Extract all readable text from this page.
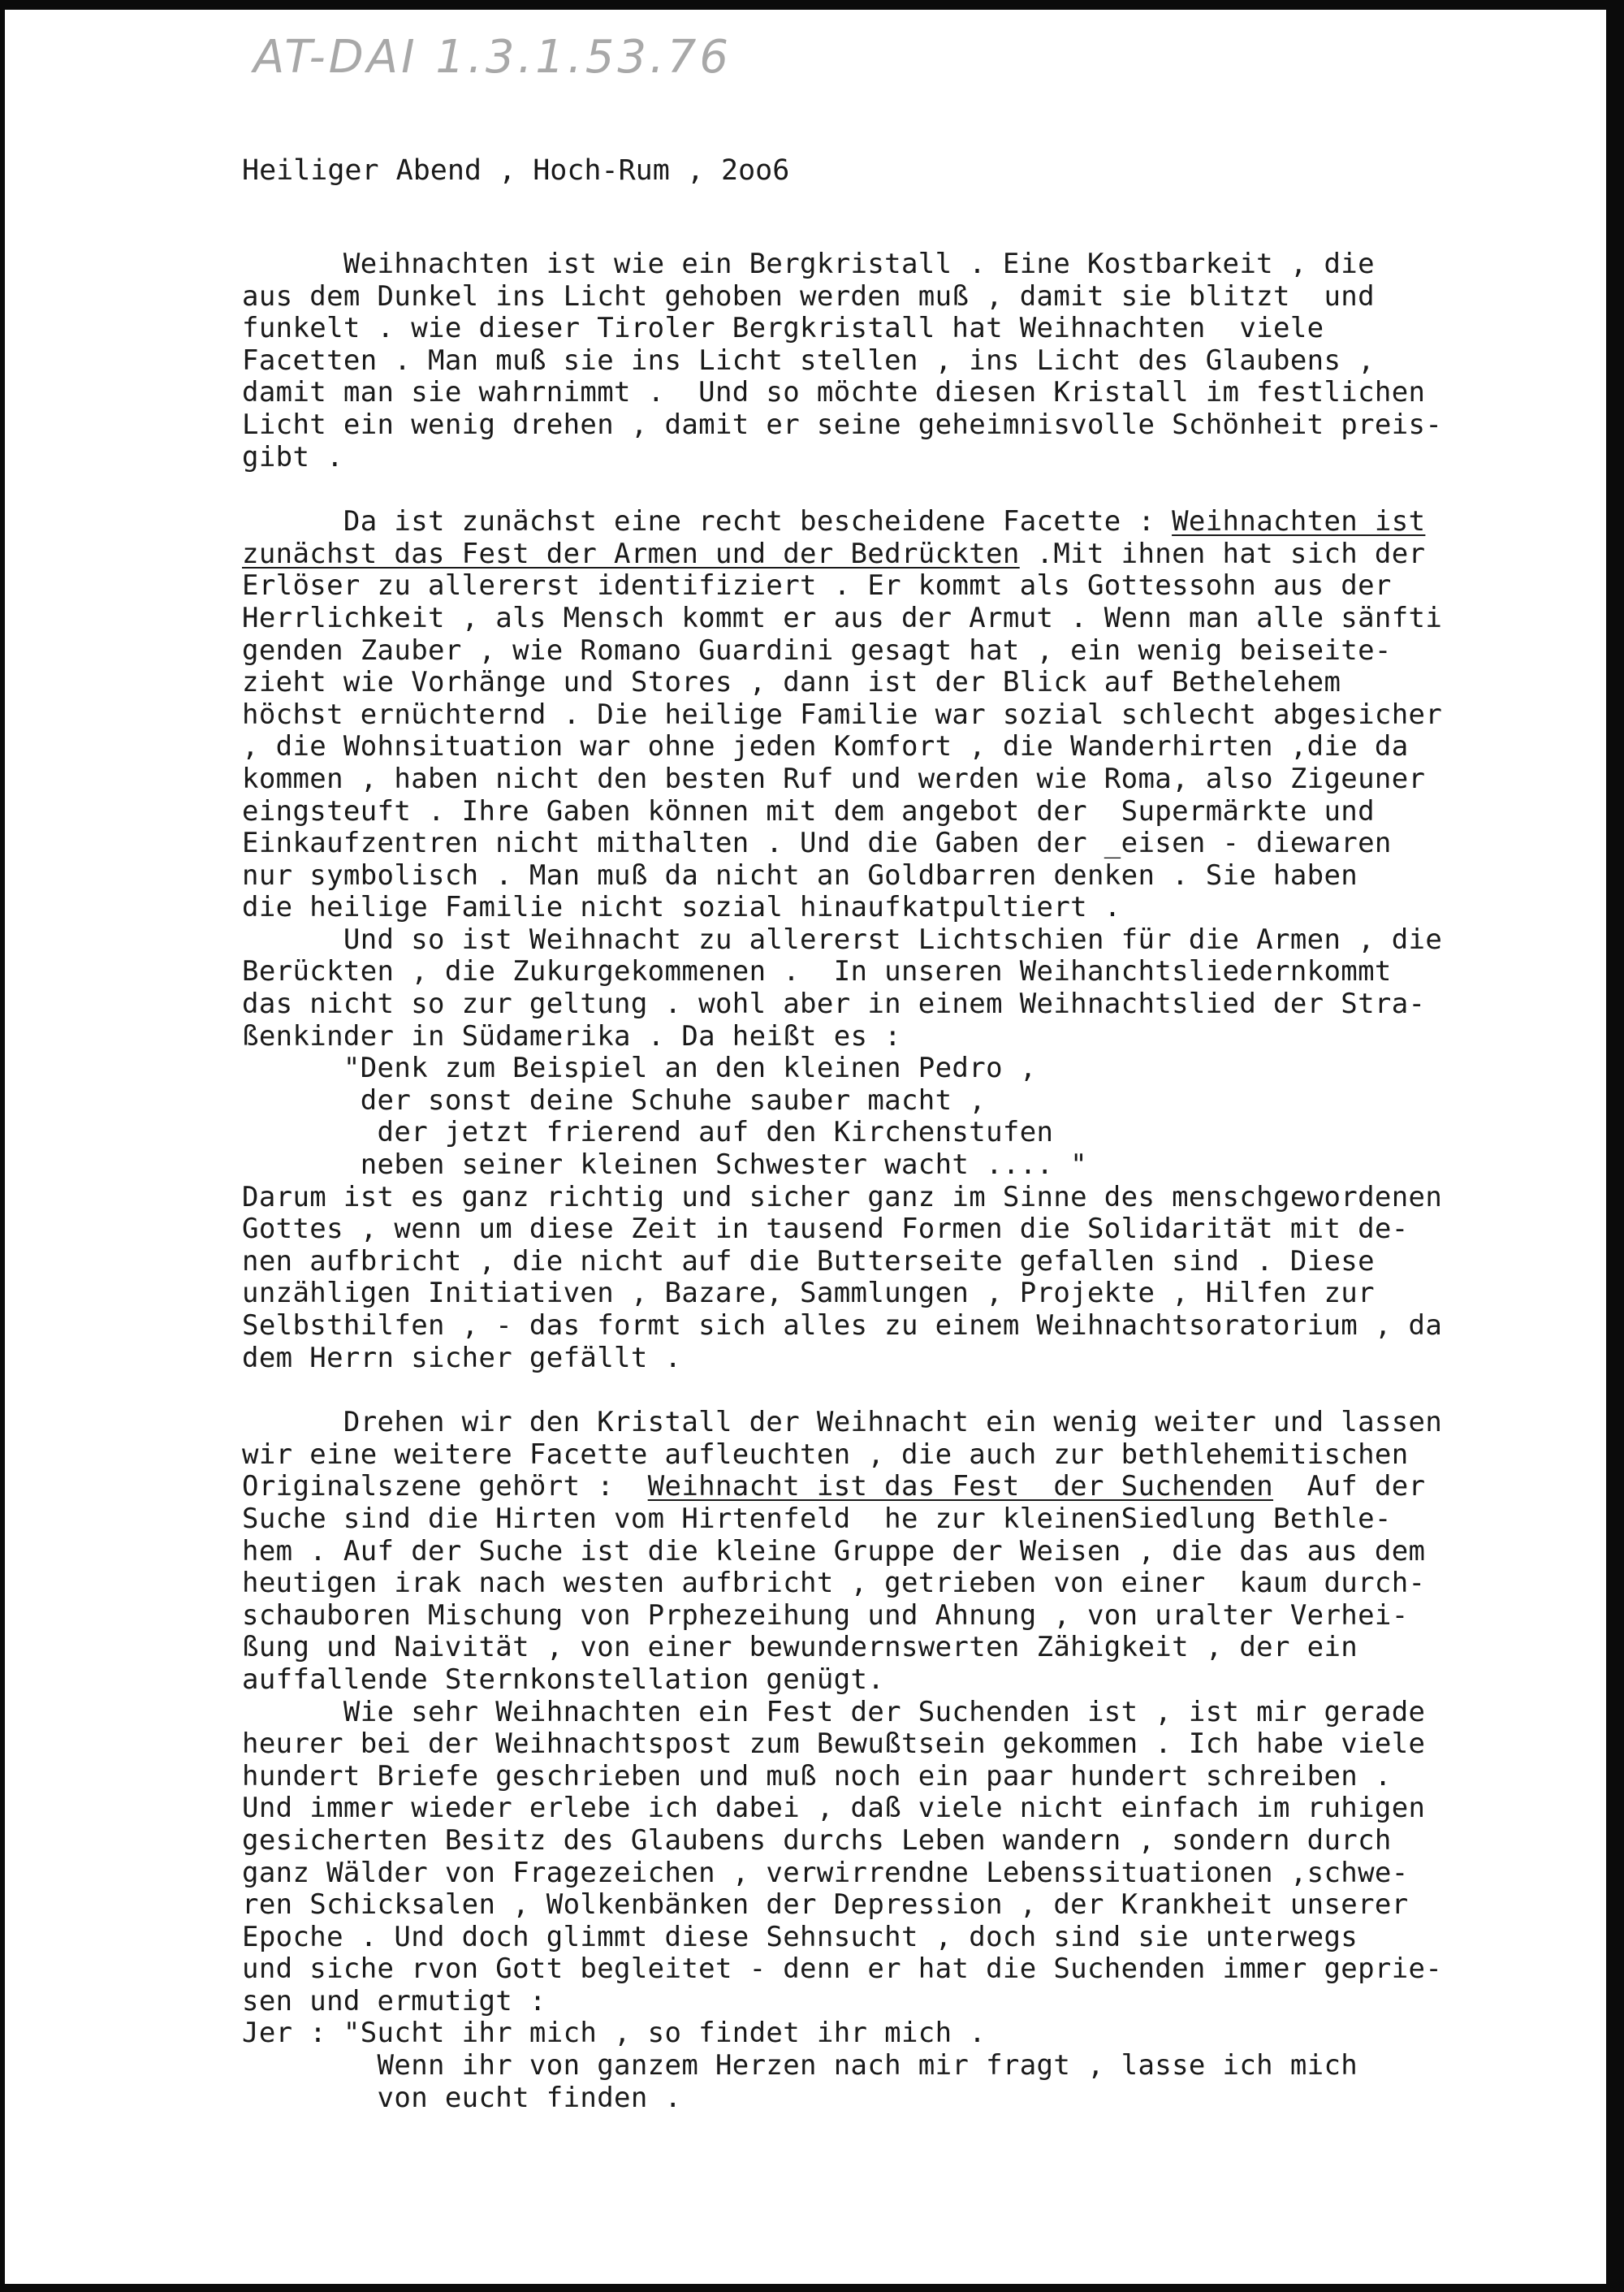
AT-DAI 1.3.1.53.76
Heiliger Abend , Hoch-Rum , 2oo6
Weihnachten ist wie ein Bergkristall . Eine Kostbarkeit , die
aus dem Dunkel ins Licht gehoben werden muß , damit sie blitzt  und
funkelt . wie dieser Tiroler Bergkristall hat Weihnachten  viele
Facetten . Man muß sie ins Licht stellen , ins Licht des Glaubens ,
damit man sie wahrnimmt .  Und so möchte diesen Kristall im festlichen
Licht ein wenig drehen , damit er seine geheimnisvolle Schönheit preis-
gibt .
Da ist zunächst eine recht bescheidene Facette : Weihnachten ist
zunächst das Fest der Armen und der Bedrückten .Mit ihnen hat sich der
Erlöser zu allererst identifiziert . Er kommt als Gottessohn aus der
Herrlichkeit , als Mensch kommt er aus der Armut . Wenn man alle sänfti
genden Zauber , wie Romano Guardini gesagt hat , ein wenig beiseite-
zieht wie Vorhänge und Stores , dann ist der Blick auf Bethelehem
höchst ernüchternd . Die heilige Familie war sozial schlecht abgesicher
, die Wohnsituation war ohne jeden Komfort , die Wanderhirten ,die da
kommen , haben nicht den besten Ruf und werden wie Roma, also Zigeuner
eingsteuft . Ihre Gaben können mit dem angebot der  Supermärkte und
Einkaufzentren nicht mithalten . Und die Gaben der _eisen - diewaren
nur symbolisch . Man muß da nicht an Goldbarren denken . Sie haben
die heilige Familie nicht sozial hinaufkatpultiert .
Und so ist Weihnacht zu allererst Lichtschien für die Armen , die
Berückten , die Zukurgekommenen .  In unseren Weihanchtsliedernkommt
das nicht so zur geltung . wohl aber in einem Weihnachtslied der Stra-
ßenkinder in Südamerika . Da heißt es :
"Denk zum Beispiel an den kleinen Pedro ,
der sonst deine Schuhe sauber macht ,
der jetzt frierend auf den Kirchenstufen
neben seiner kleinen Schwester wacht .... "
Darum ist es ganz richtig und sicher ganz im Sinne des menschgewordenen
Gottes , wenn um diese Zeit in tausend Formen die Solidarität mit de-
nen aufbricht , die nicht auf die Butterseite gefallen sind . Diese
unzähligen Initiativen , Bazare, Sammlungen , Projekte , Hilfen zur
Selbsthilfen , - das formt sich alles zu einem Weihnachtsoratorium , da
dem Herrn sicher gefällt .
Drehen wir den Kristall der Weihnacht ein wenig weiter und lassen
wir eine weitere Facette aufleuchten , die auch zur bethlehemitischen
Originalszene gehört :  Weihnacht ist das Fest  der Suchenden  Auf der
Suche sind die Hirten vom Hirtenfeld  he zur kleinenSiedlung Bethle-
hem . Auf der Suche ist die kleine Gruppe der Weisen , die das aus dem
heutigen irak nach westen aufbricht , getrieben von einer  kaum durch-
schauboren Mischung von Prphezeihung und Ahnung , von uralter Verhei-
ßung und Naivität , von einer bewundernswerten Zähigkeit , der ein
auffallende Sternkonstellation genügt.
Wie sehr Weihnachten ein Fest der Suchenden ist , ist mir gerade
heurer bei der Weihnachtspost zum Bewußtsein gekommen . Ich habe viele
hundert Briefe geschrieben und muß noch ein paar hundert schreiben .
Und immer wieder erlebe ich dabei , daß viele nicht einfach im ruhigen
gesicherten Besitz des Glaubens durchs Leben wandern , sondern durch
ganz Wälder von Fragezeichen , verwirrendne Lebenssituationen ,schwe-
ren Schicksalen , Wolkenbänken der Depression , der Krankheit unserer
Epoche . Und doch glimmt diese Sehnsucht , doch sind sie unterwegs
und siche rvon Gott begleitet - denn er hat die Suchenden immer geprie-
sen und ermutigt :
Jer : "Sucht ihr mich , so findet ihr mich .
Wenn ihr von ganzem Herzen nach mir fragt , lasse ich mich
von eucht finden .
